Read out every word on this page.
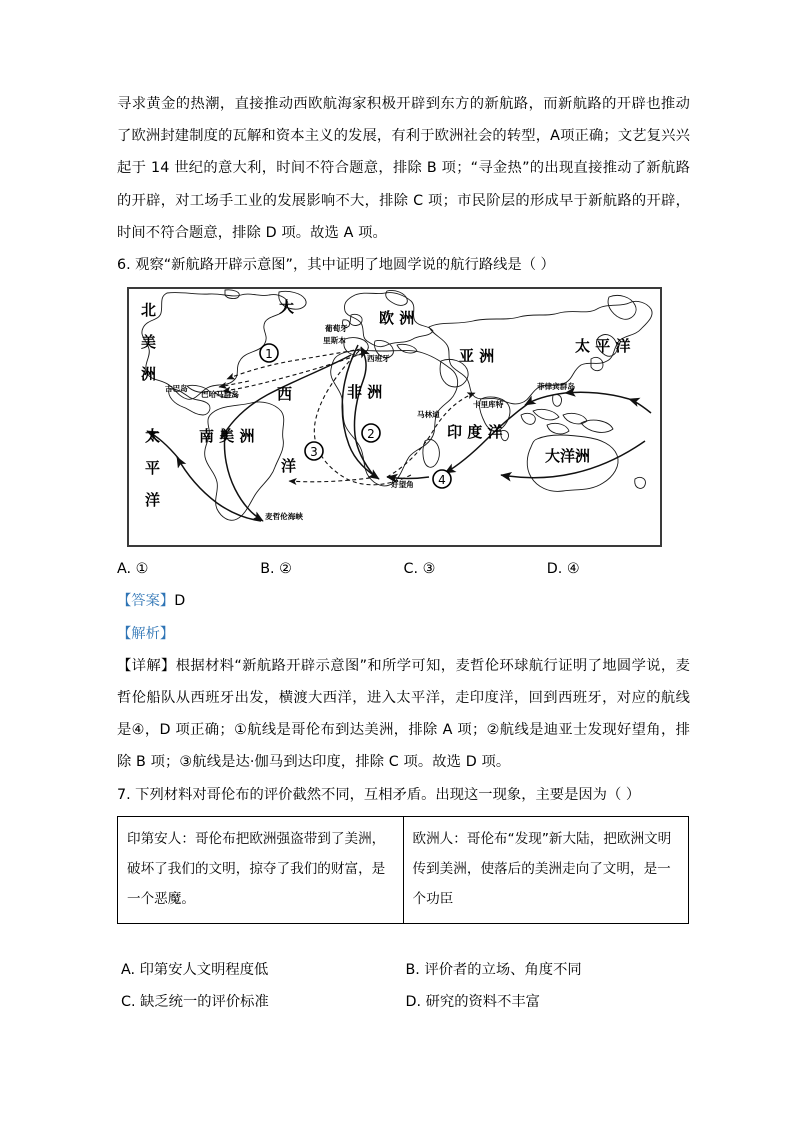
寻求黄金的热潮，直接推动西欧航海家积极开辟到东方的新航路，而新航路的开辟也推动了欧洲封建制度的瓦解和资本主义的发展，有利于欧洲社会的转型，A项正确；文艺复兴兴起于 14 世纪的意大利，时间不符合题意，排除 B 项；“寻金热”的出现直接推动了新航路的开辟，对工场手工业的发展影响不大，排除 C 项；市民阶层的形成早于新航路的开辟，时间不符合题意，排除 D 项。故选 A 项。

6. 观察“新航路开辟示意图”，其中证明了地圆学说的航行路线是（ ）

大
西
洋
太
平
洋
太 平 洋
印 度 洋
北
美
洲
南 美 洲
欧 洲
非 洲
亚 洲
大洋洲
葡萄牙
里斯本
西班牙
古巴岛
巴哈马群岛
好望角
马林迪
卡里库特
菲律宾群岛
麦哲伦海峡
1
2
3
4
A. ①	B. ②	C. ③	D. ④

【答案】D

【解析】

【详解】根据材料“新航路开辟示意图”和所学可知，麦哲伦环球航行证明了地圆学说，麦哲伦船队从西班牙出发，横渡大西洋，进入太平洋，走印度洋，回到西班牙，对应的航线是④，D 项正确；①航线是哥伦布到达美洲，排除 A 项；②航线是迪亚士发现好望角，排除 B 项；③航线是达·伽马到达印度，排除 C 项。故选 D 项。

7. 下列材料对哥伦布的评价截然不同，互相矛盾。出现这一现象，主要是因为（ ）

印第安人：哥伦布把欧洲强盗带到了美洲，破坏了我们的文明，掠夺了我们的财富，是一个恶魔。	欧洲人：哥伦布“发现”新大陆，把欧洲文明传到美洲，使落后的美洲走向了文明，是一个功臣
A. 印第安人文明程度低	B. 评价者的立场、角度不同
C. 缺乏统一的评价标准	D. 研究的资料不丰富
